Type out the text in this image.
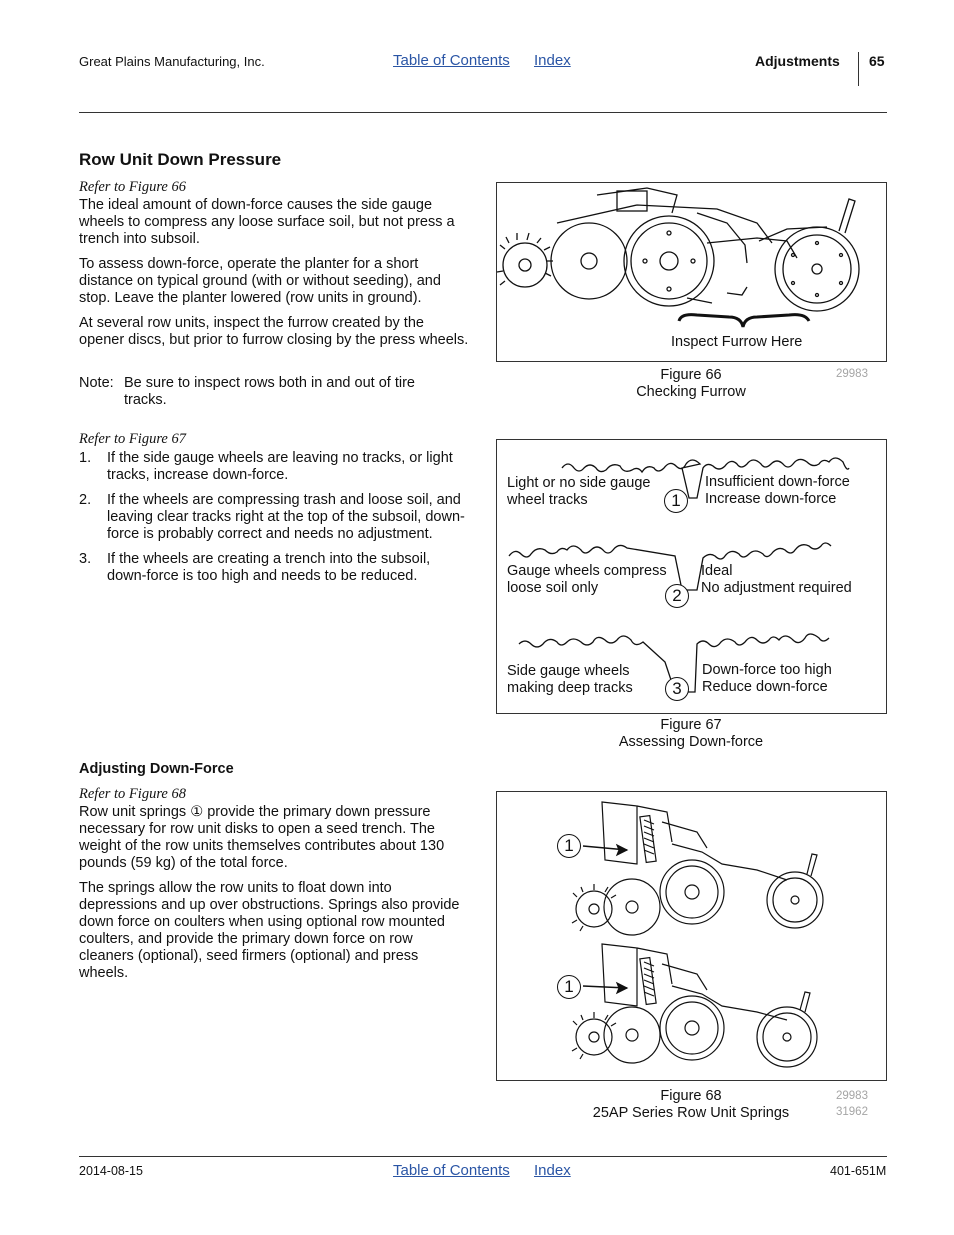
Great Plains Manufacturing, Inc.	Table of Contents Index	Adjustments 65
Row Unit Down Pressure
Refer to Figure 66
The ideal amount of down-force causes the side gauge wheels to compress any loose surface soil, but not press a trench into subsoil.
To assess down-force, operate the planter for a short distance on typical ground (with or without seeding), and stop. Leave the planter lowered (row units in ground).
At several row units, inspect the furrow created by the opener discs, but prior to furrow closing by the press wheels.
Note: Be sure to inspect rows both in and out of tire
tracks.
Refer to Figure 67
1. If the side gauge wheels are leaving no tracks, or light tracks, increase down-force.
2. If the wheels are compressing trash and loose soil, and leaving clear tracks right at the top of the subsoil, down-force is probably correct and needs no adjustment.
3. If the wheels are creating a trench into the subsoil, down-force is too high and needs to be reduced.
Adjusting Down-Force
Refer to Figure 68
Row unit springs ① provide the primary down pressure necessary for row unit disks to open a seed trench. The weight of the row units themselves contributes about 130 pounds (59 kg) of the total force.
The springs allow the row units to float down into depressions and up over obstructions. Springs also provide down force on coulters when using optional row mounted coulters, and provide the primary down force on row cleaners (optional), seed firmers (optional) and press wheels.
Inspect Furrow Here
Figure 66
Checking Furrow
29983
Light or no side gauge
wheel tracks	1
Insufficient down-force
Increase down-force
Gauge wheels compress
loose soil only	2
Ideal
No adjustment required
Side gauge wheels
making deep tracks	3
Down-force too high
Reduce down-force
Figure 67
Assessing Down-force
1
1
Figure 68
25AP Series Row Unit Springs
29983
31962
2014-08-15	Table of Contents Index	401-651M
